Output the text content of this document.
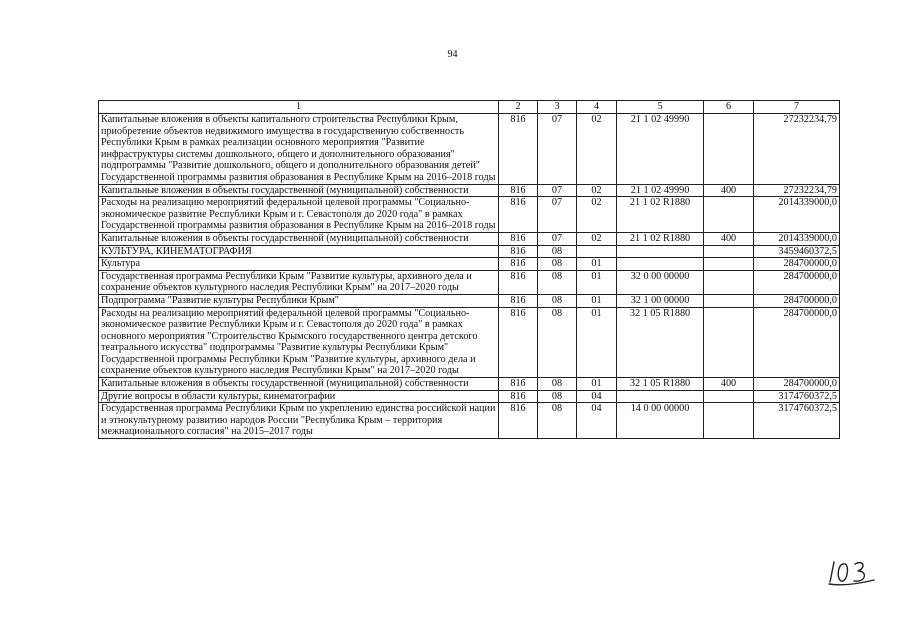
94
1	2	3	4	5	6	7
Капитальные вложения в объекты капитального строительства Республики Крым, приобретение объектов недвижимого имущества в государственную собственность Республики Крым в рамках реализации основного мероприятия "Развитие инфраструктуры системы дошкольного, общего и дополнительного образования" подпрограммы "Развитие дошкольного, общего и дополнительного образования детей" Государственной программы развития образования в Республике Крым на 2016–2018 годы	816	07	02	21 1 02 49990		27232234,79
Капитальные вложения в объекты государственной (муниципальной) собственности	816	07	02	21 1 02 49990	400	27232234,79
Расходы на реализацию мероприятий федеральной целевой программы "Социально-экономическое развитие Республики Крым и г. Севастополя до 2020 года" в рамках Государственной программы развития образования в Республике Крым на 2016–2018 годы	816	07	02	21 1 02 R1880		2014339000,0
Капитальные вложения в объекты государственной (муниципальной) собственности	816	07	02	21 1 02 R1880	400	2014339000,0
КУЛЬТУРА, КИНЕМАТОГРАФИЯ	816	08				3459460372,5
Культура	816	08	01			284700000,0
Государственная программа Республики Крым "Развитие культуры, архивного дела и сохранение объектов культурного наследия Республики Крым" на 2017–2020 годы	816	08	01	32 0 00 00000		284700000,0
Подпрограмма "Развитие культуры Республики Крым"	816	08	01	32 1 00 00000		284700000,0
Расходы на реализацию мероприятий федеральной целевой программы "Социально-экономическое развитие Республики Крым и г. Севастополя до 2020 года" в рамках основного мероприятия "Строительство Крымского государственного центра детского театрального искусства" подпрограммы "Развитие культуры Республики Крым" Государственной программы Республики Крым "Развитие культуры, архивного дела и сохранение объектов культурного наследия Республики Крым" на 2017–2020 годы	816	08	01	32 1 05 R1880		284700000,0
Капитальные вложения в объекты государственной (муниципальной) собственности	816	08	01	32 1 05 R1880	400	284700000,0
Другие вопросы в области культуры, кинематографии	816	08	04			3174760372,5
Государственная программа Республики Крым по укреплению единства российской нации и этнокультурному развитию народов России "Республика Крым – территория межнационального согласия" на 2015–2017 годы	816	08	04	14 0 00 00000		3174760372,5
